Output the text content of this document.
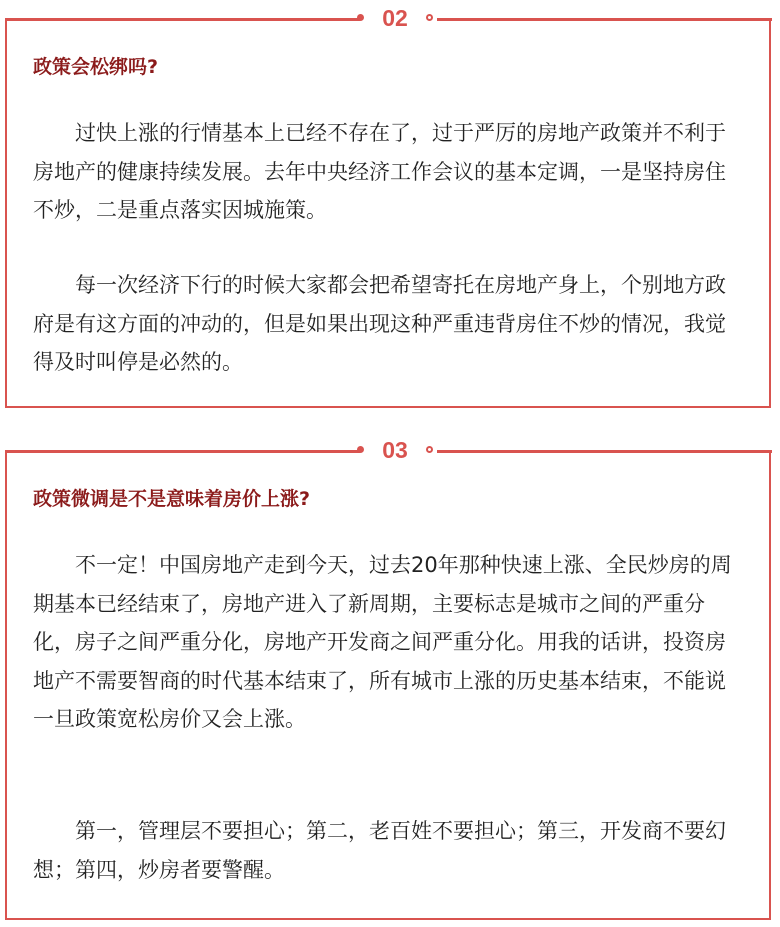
02
政策会松绑吗?

过快上涨的行情基本上已经不存在了，过于严厉的房地产政策并不利于房地产的健康持续发展。去年中央经济工作会议的基本定调，一是坚持房住不炒，二是重点落实因城施策。

每一次经济下行的时候大家都会把希望寄托在房地产身上，个别地方政府是有这方面的冲动的，但是如果出现这种严重违背房住不炒的情况，我觉得及时叫停是必然的。

03
政策微调是不是意味着房价上涨?

不一定！中国房地产走到今天，过去20年那种快速上涨、全民炒房的周期基本已经结束了，房地产进入了新周期，主要标志是城市之间的严重分化，房子之间严重分化，房地产开发商之间严重分化。用我的话讲，投资房地产不需要智商的时代基本结束了，所有城市上涨的历史基本结束，不能说一旦政策宽松房价又会上涨。

第一，管理层不要担心；第二，老百姓不要担心；第三，开发商不要幻想；第四，炒房者要警醒。
